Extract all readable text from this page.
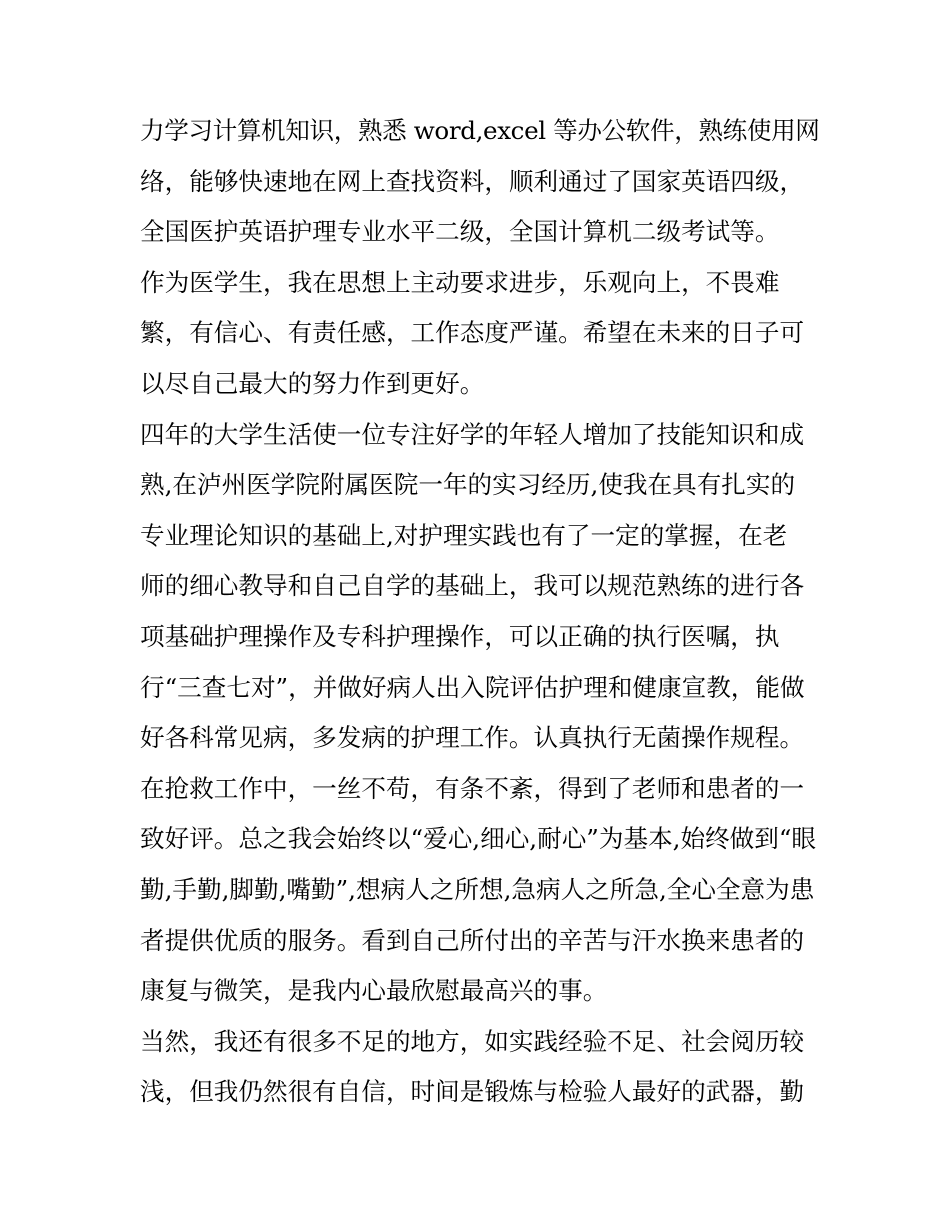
力学习计算机知识，熟悉 word,excel 等办公软件，熟练使用网
络，能够快速地在网上查找资料，顺利通过了国家英语四级，
全国医护英语护理专业水平二级，全国计算机二级考试等。
作为医学生，我在思想上主动要求进步，乐观向上，不畏难
繁，有信心、有责任感，工作态度严谨。希望在未来的日子可
以尽自己最大的努力作到更好。
四年的大学生活使一位专注好学的年轻人增加了技能知识和成
熟,在泸州医学院附属医院一年的实习经历,使我在具有扎实的
专业理论知识的基础上,对护理实践也有了一定的掌握，在老
师的细心教导和自己自学的基础上，我可以规范熟练的进行各
项基础护理操作及专科护理操作，可以正确的执行医嘱，执
行“三查七对”，并做好病人出入院评估护理和健康宣教，能做
好各科常见病，多发病的护理工作。认真执行无菌操作规程。
在抢救工作中，一丝不苟，有条不紊，得到了老师和患者的一
致好评。总之我会始终以“爱心,细心,耐心”为基本,始终做到“眼
勤,手勤,脚勤,嘴勤”,想病人之所想,急病人之所急,全心全意为患
者提供优质的服务。看到自己所付出的辛苦与汗水换来患者的
康复与微笑，是我内心最欣慰最高兴的事。
当然，我还有很多不足的地方，如实践经验不足、社会阅历较
浅，但我仍然很有自信，时间是锻炼与检验人最好的武器，勤
